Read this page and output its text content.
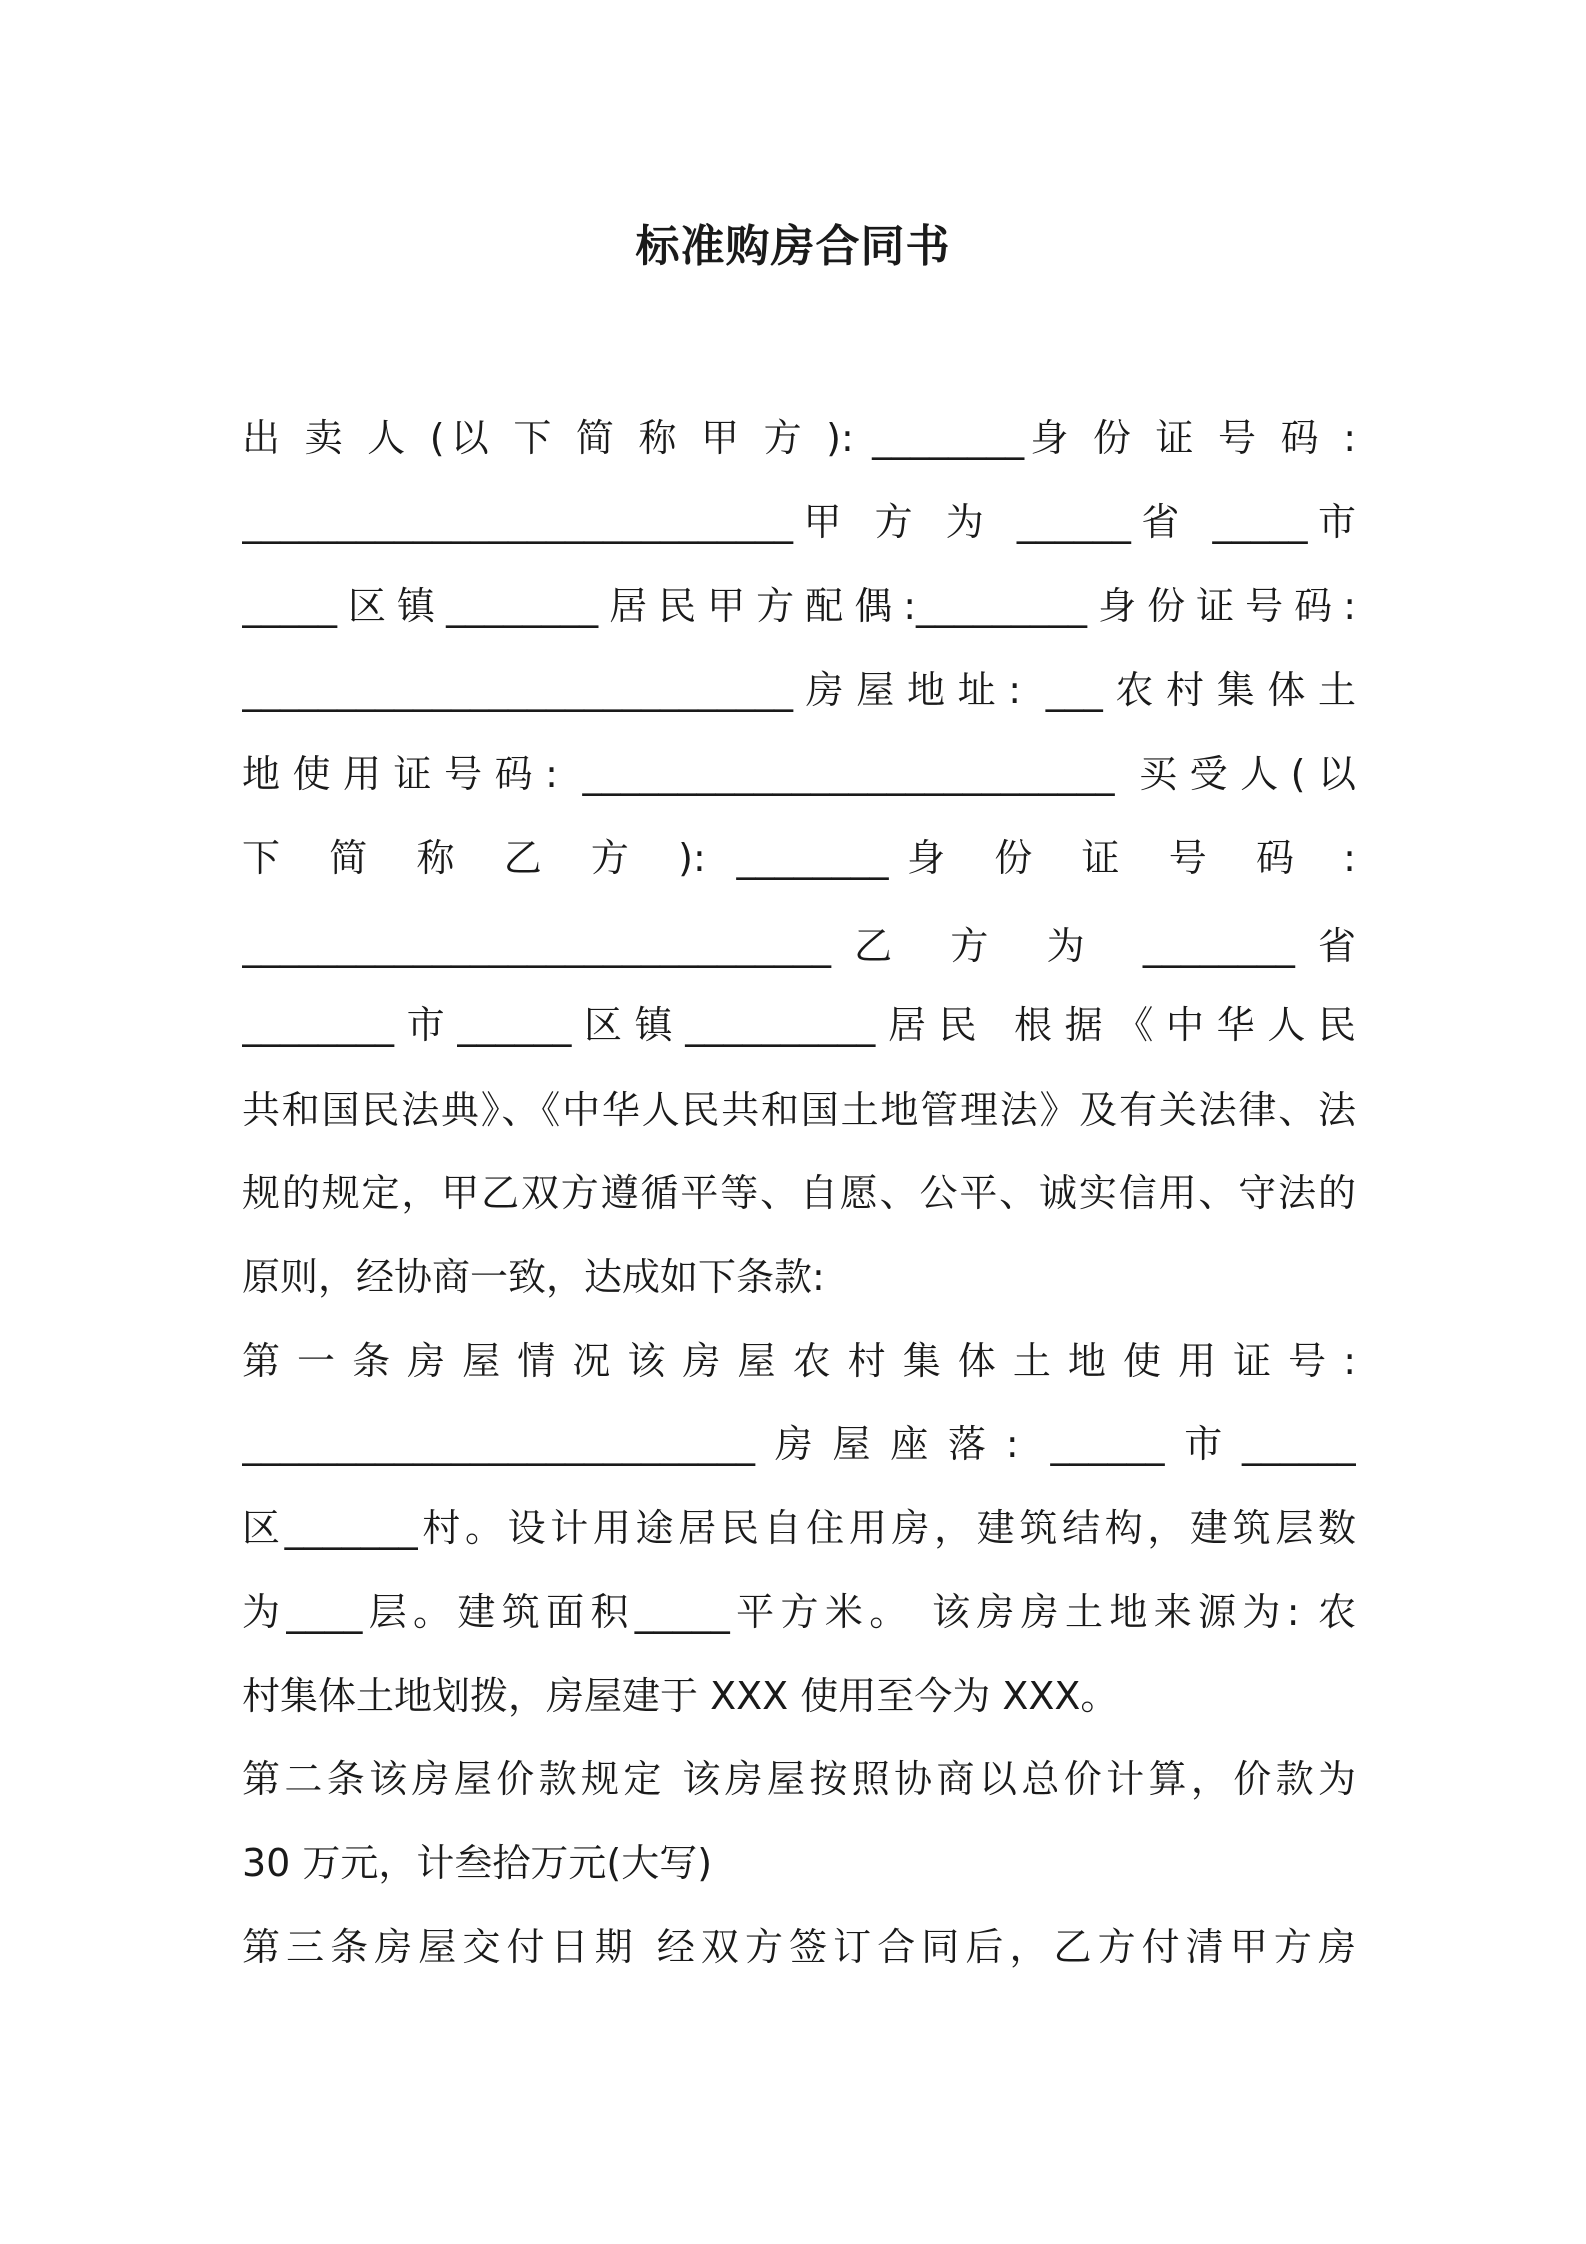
标准购房合同书
出 卖 人 (以 下 简 称 甲 方 ): ________身 份 证 号 码 :
_____________________________甲 方 为 ______省 _____市
_____区镇________居民甲方配偶:_________身份证号码:
_____________________________房屋地址: ___农村集体土
地使用证号码: ____________________________ 买受人(以
下 简 称 乙 方 ): ________身 份 证 号 码 :
_______________________________乙 方 为 ________省
________市______区镇__________居民 根据《中华人民
共和国民法典》、《中华人民共和国土地管理法》及有关法律、法
规的规定，甲乙双方遵循平等、自愿、公平、诚实信用、守法的
原则，经协商一致，达成如下条款:
第 一 条 房 屋 情 况 该 房 屋 农 村 集 体 土 地 使 用 证 号 :
___________________________房屋座落: ______市______
区_______村。设计用途居民自住用房，建筑结构，建筑层数
为____层。建筑面积_____平方米。 该房房土地来源为: 农
村集体土地划拨，房屋建于 XXX 使用至今为 XXX。
第二条该房屋价款规定 该房屋按照协商以总价计算，价款为
30 万元，计叁拾万元(大写)
第三条房屋交付日期 经双方签订合同后，乙方付清甲方房
